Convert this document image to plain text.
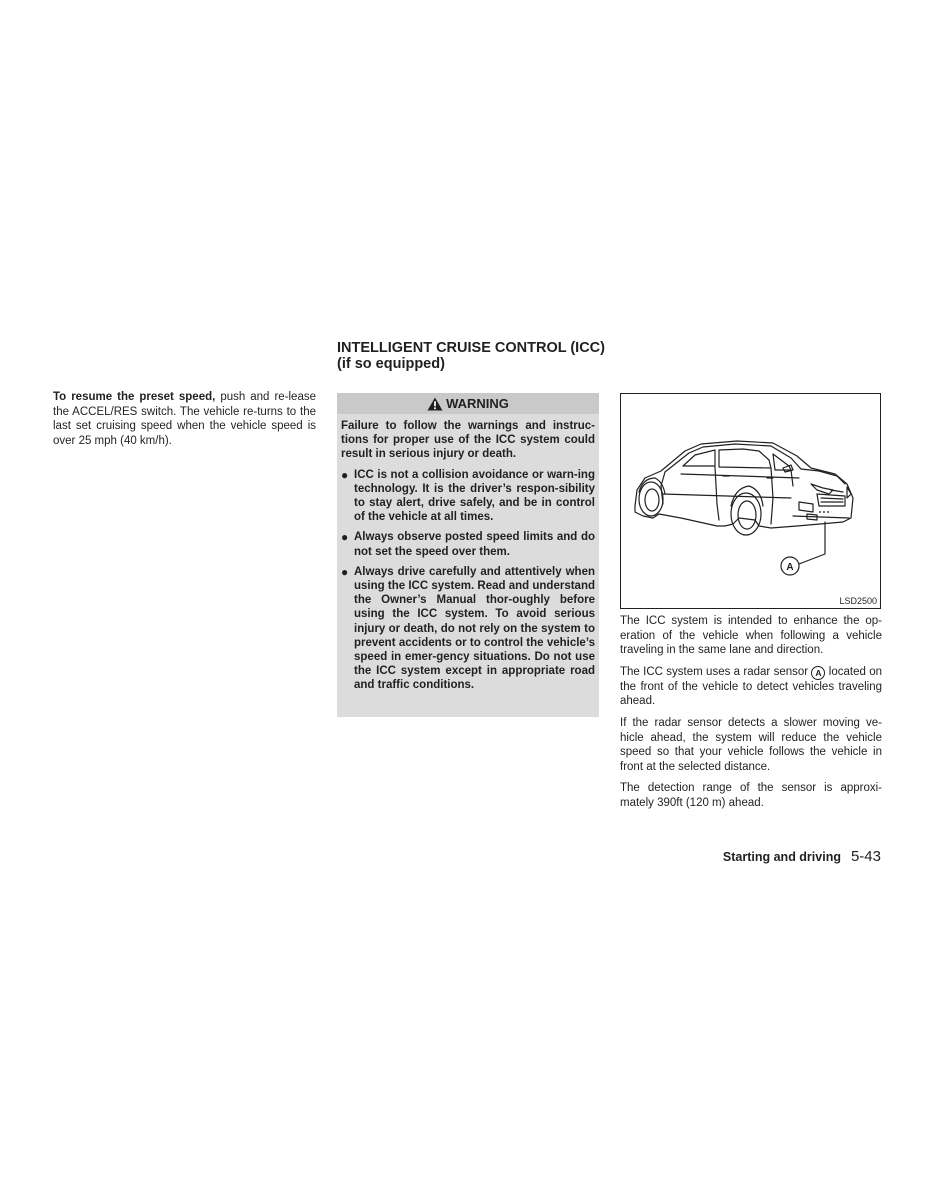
To resume the preset speed, push and re-lease the ACCEL/RES switch. The vehicle re-turns to the last set cruising speed when the vehicle speed is over 25 mph (40 km/h).
INTELLIGENT CRUISE CONTROL (ICC)
(if so equipped)
WARNING

Failure to follow the warnings and instruc-tions for proper use of the ICC system could result in serious injury or death.

● ICC is not a collision avoidance or warn-ing technology. It is the driver’s respon-sibility to stay alert, drive safely, and be in control of the vehicle at all times.
● Always observe posted speed limits and do not set the speed over them.
● Always drive carefully and attentively when using the ICC system. Read and understand the Owner’s Manual thor-oughly before using the ICC system. To avoid serious injury or death, do not rely on the system to prevent accidents or to control the vehicle’s speed in emer-gency situations. Do not use the ICC system except in appropriate road and traffic conditions.
A
LSD2500

The ICC system is intended to enhance the op-eration of the vehicle when following a vehicle traveling in the same lane and direction.

The ICC system uses a radar sensor A located on the front of the vehicle to detect vehicles traveling ahead.

If the radar sensor detects a slower moving ve-hicle ahead, the system will reduce the vehicle speed so that your vehicle follows the vehicle in front at the selected distance.

The detection range of the sensor is approxi-mately 390ft (120 m) ahead.

Starting and driving 5-43
